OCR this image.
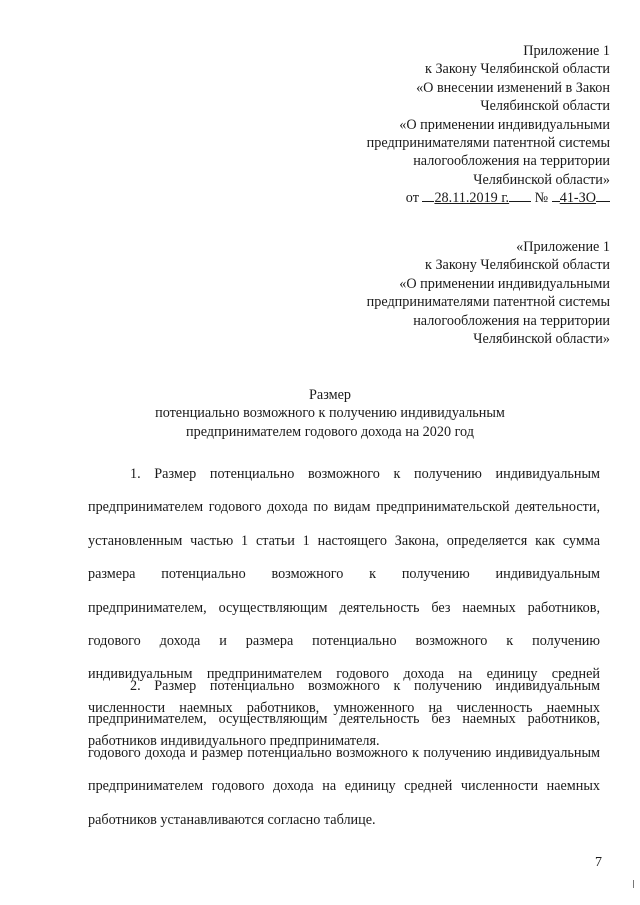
Приложение 1
к Закону Челябинской области
«О внесении изменений в Закон
Челябинской области
«О применении индивидуальными
предпринимателями патентной системы
налогообложения на территории
Челябинской области»
от 28.11.2019 г. № 41-ЗО
«Приложение 1
к Закону Челябинской области
«О применении индивидуальными
предпринимателями патентной системы
налогообложения на территории
Челябинской области»
Размер
потенциально возможного к получению индивидуальным
предпринимателем годового дохода на 2020 год

1. Размер потенциально возможного к получению индивидуальным предпринимателем годового дохода по видам предпринимательской деятельности, установленным частью 1 статьи 1 настоящего Закона, определяется как сумма размера потенциально возможного к получению индивидуальным предпринимателем, осуществляющим деятельность без наемных работников, годового дохода и размера потенциально возможного к получению индивидуальным предпринимателем годового дохода на единицу средней численности наемных работников, умноженного на численность наемных работников индивидуального предпринимателя.

2. Размер потенциально возможного к получению индивидуальным предпринимателем, осуществляющим деятельность без наемных работников, годового дохода и размер потенциально возможного к получению индивидуальным предпринимателем годового дохода на единицу средней численности наемных работников устанавливаются согласно таблице.

7
